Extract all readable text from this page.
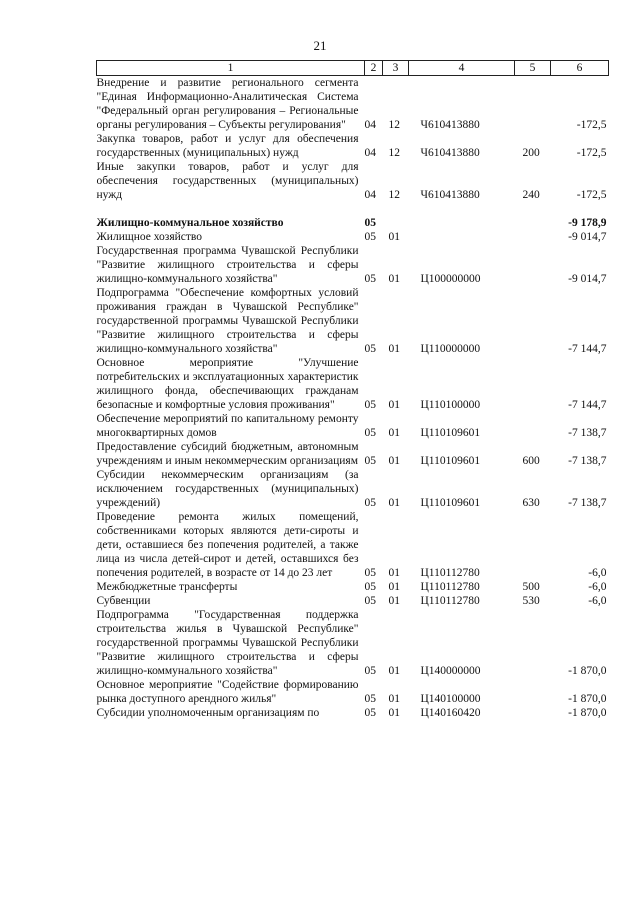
21
1	2	3	4	5	6
Внедрение и развитие регионального сегмента "Единая Информационно-Аналитическая Система "Федеральный орган регулирования – Региональные органы регулирования – Субъекты регулирования"	04	12	Ч610413880		-172,5
Закупка товаров, работ и услуг для обеспечения государственных (муниципальных) нужд	04	12	Ч610413880	200	-172,5
Иные закупки товаров, работ и услуг для обеспечения государственных (муниципальных) нужд	04	12	Ч610413880	240	-172,5

Жилищно-коммунальное хозяйство	05				-9 178,9
Жилищное хозяйство	05	01			-9 014,7
Государственная программа Чувашской Республики "Развитие жилищного строительства и сферы жилищно-коммунального хозяйства"	05	01	Ц100000000		-9 014,7
Подпрограмма "Обеспечение комфортных условий проживания граждан в Чувашской Республике" государственной программы Чувашской Республики "Развитие жилищного строительства и сферы жилищно-коммунального хозяйства"	05	01	Ц110000000		-7 144,7
Основное мероприятие "Улучшение потребительских и эксплуатационных характеристик жилищного фонда, обеспечивающих гражданам безопасные и комфортные условия проживания"	05	01	Ц110100000		-7 144,7
Обеспечение мероприятий по капитальному ремонту многоквартирных домов	05	01	Ц110109601		-7 138,7
Предоставление субсидий бюджетным, автономным учреждениям и иным некоммерческим организациям	05	01	Ц110109601	600	-7 138,7
Субсидии некоммерческим организациям (за исключением государственных (муниципальных) учреждений)	05	01	Ц110109601	630	-7 138,7
Проведение ремонта жилых помещений, собственниками которых являются дети-сироты и дети, оставшиеся без попечения родителей, а также лица из числа детей-сирот и детей, оставшихся без попечения родителей, в возрасте от 14 до 23 лет	05	01	Ц110112780		-6,0
Межбюджетные трансферты	05	01	Ц110112780	500	-6,0
Субвенции	05	01	Ц110112780	530	-6,0
Подпрограмма "Государственная поддержка строительства жилья в Чувашской Республике" государственной программы Чувашской Республики "Развитие жилищного строительства и сферы жилищно-коммунального хозяйства"	05	01	Ц140000000		-1 870,0
Основное мероприятие "Содействие формированию рынка доступного арендного жилья"	05	01	Ц140100000		-1 870,0
Субсидии уполномоченным организациям по	05	01	Ц140160420		-1 870,0
